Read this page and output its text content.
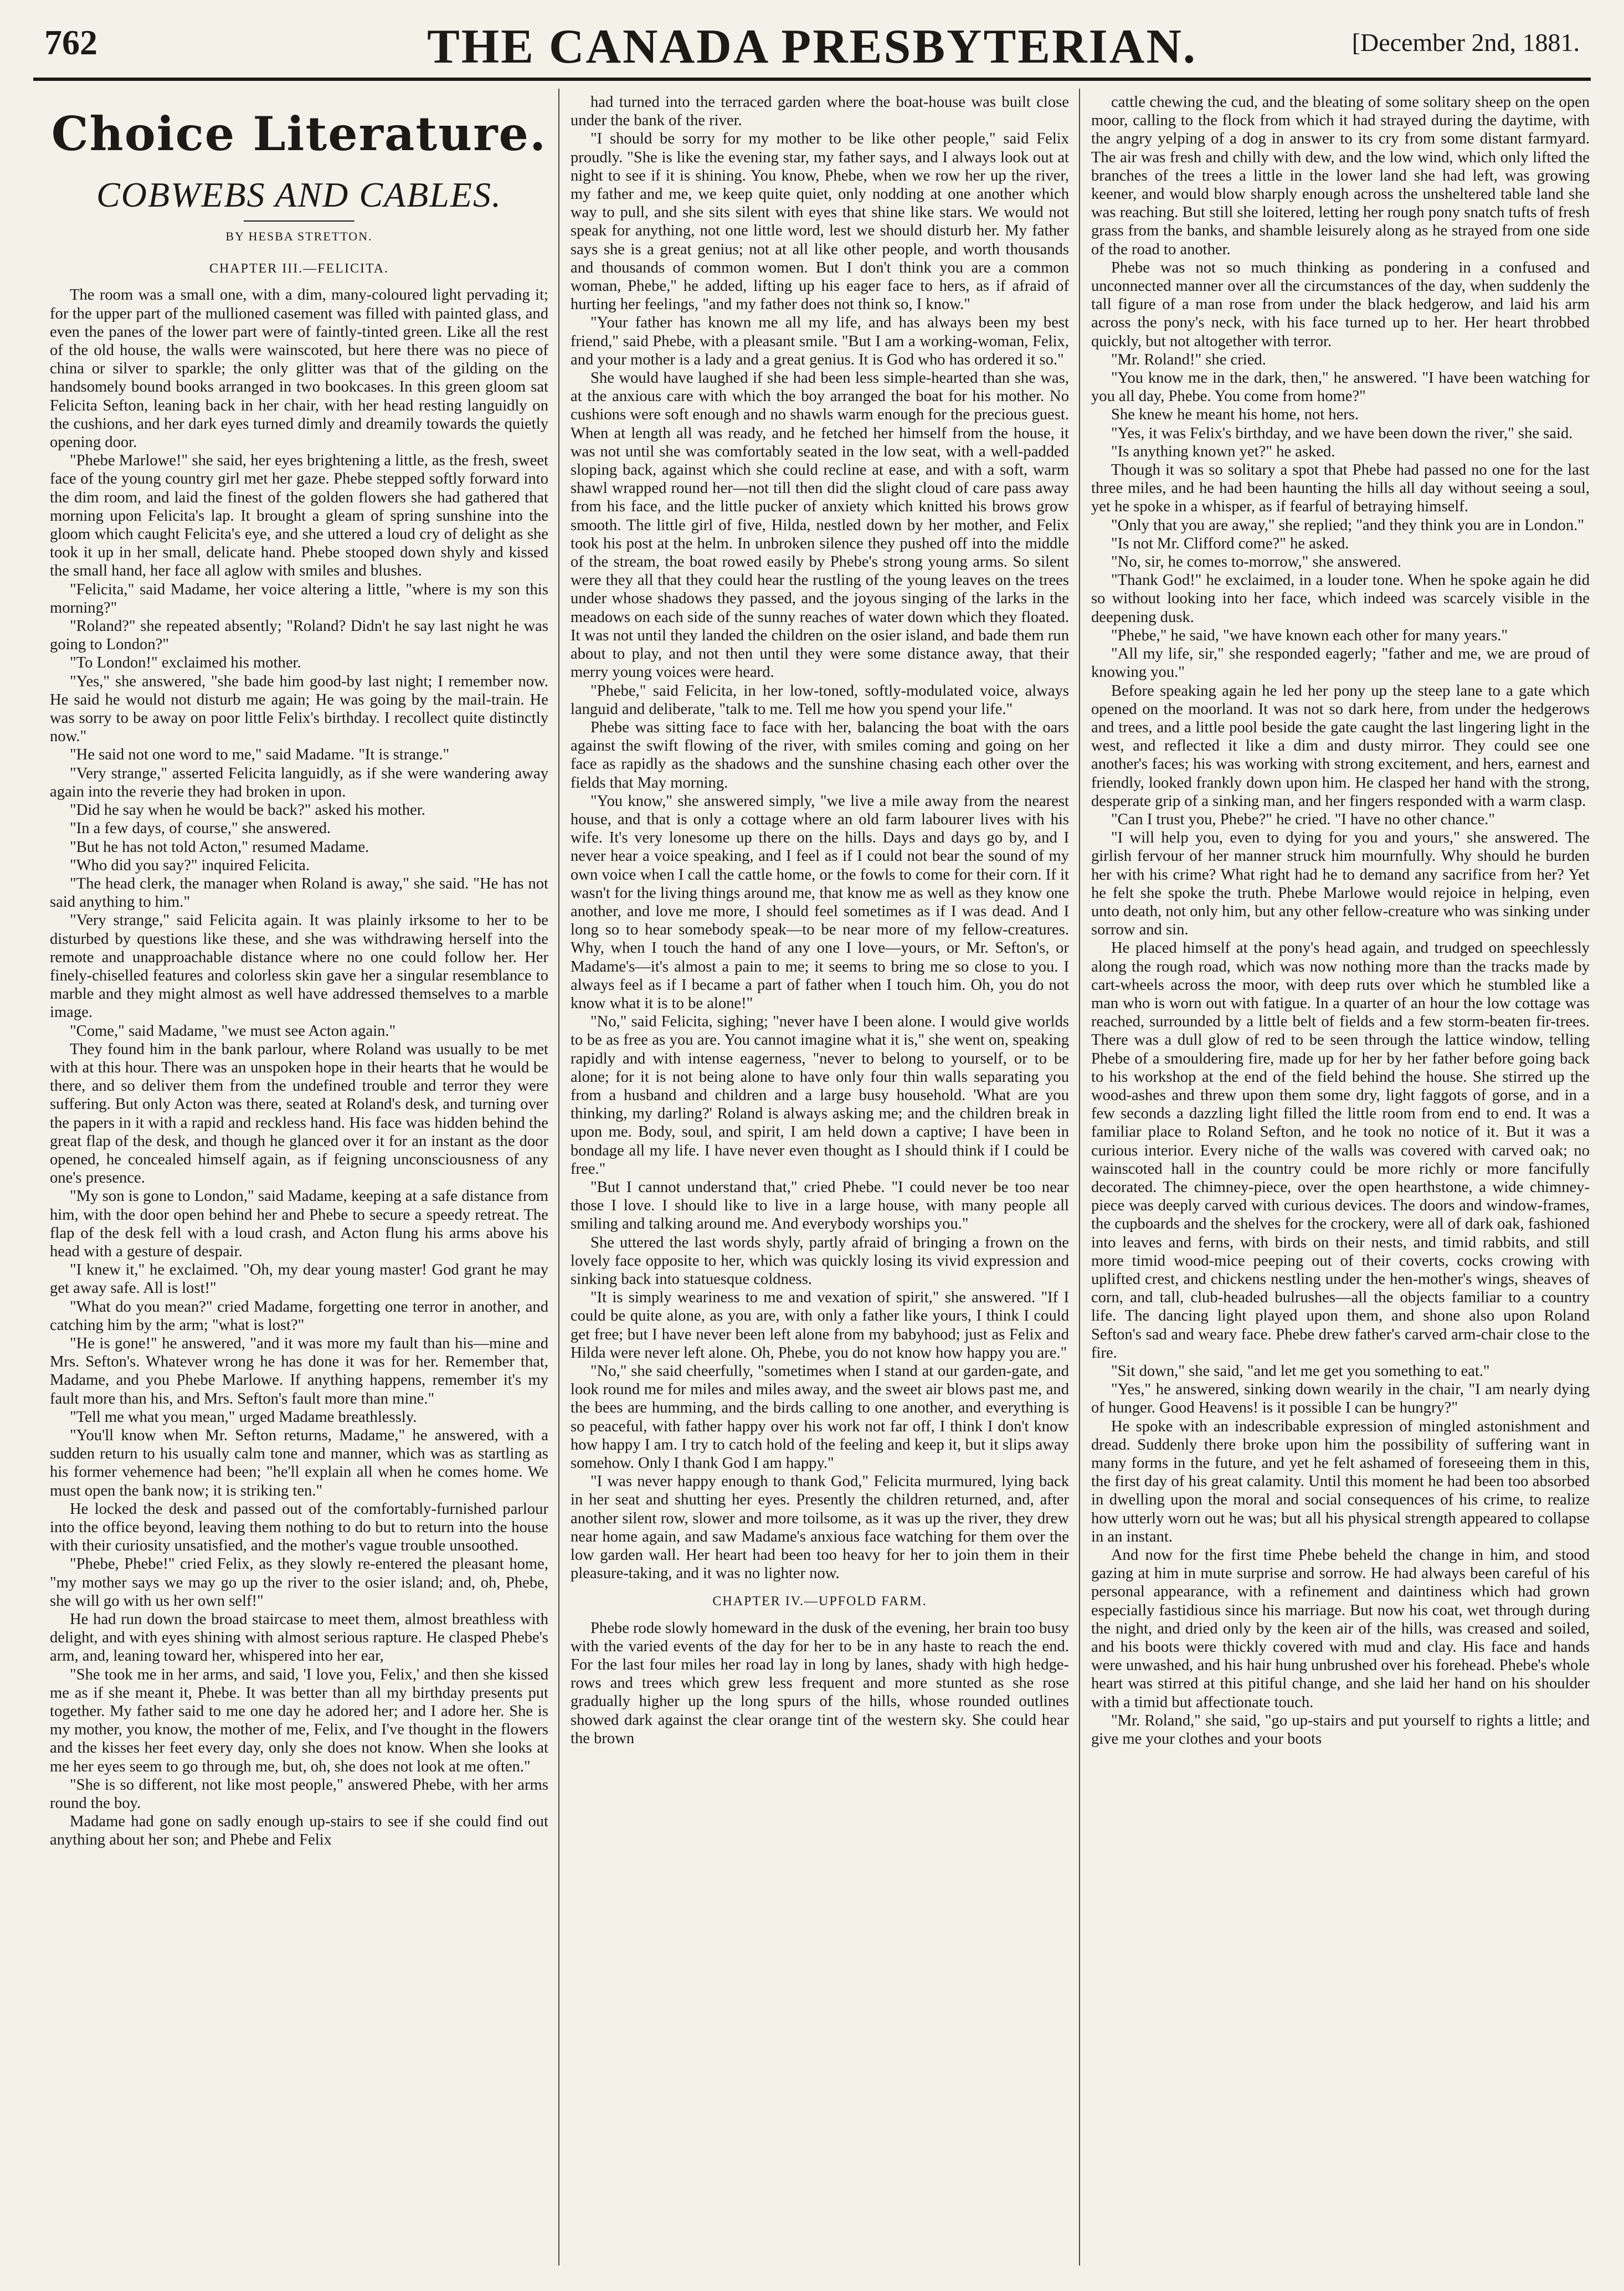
762	THE CANADA PRESBYTERIAN.	[December 2nd, 1881.
Choice Literature.
COBWEBS AND CABLES.
BY HESBA STRETTON.
CHAPTER III.—FELICITA.

The room was a small one, with a dim, many-coloured light pervading it; for the upper part of the mullioned casement was filled with painted glass, and even the panes of the lower part were of faintly-tinted green. Like all the rest of the old house, the walls were wainscoted, but here there was no piece of china or silver to sparkle; the only glitter was that of the gilding on the handsomely bound books arranged in two bookcases. In this green gloom sat Felicita Sefton, leaning back in her chair, with her head resting languidly on the cushions, and her dark eyes turned dimly and dreamily towards the quietly opening door.

"Phebe Marlowe!" she said, her eyes brightening a little, as the fresh, sweet face of the young country girl met her gaze. Phebe stepped softly forward into the dim room, and laid the finest of the golden flowers she had gathered that morning upon Felicita's lap. It brought a gleam of spring sunshine into the gloom which caught Felicita's eye, and she uttered a loud cry of delight as she took it up in her small, delicate hand. Phebe stooped down shyly and kissed the small hand, her face all aglow with smiles and blushes.

"Felicita," said Madame, her voice altering a little, "where is my son this morning?"

"Roland?" she repeated absently; "Roland? Didn't he say last night he was going to London?"

"To London!" exclaimed his mother.

"Yes," she answered, "she bade him good-by last night; I remember now. He said he would not disturb me again; He was going by the mail-train. He was sorry to be away on poor little Felix's birthday. I recollect quite distinctly now."

"He said not one word to me," said Madame. "It is strange."

"Very strange," asserted Felicita languidly, as if she were wandering away again into the reverie they had broken in upon.

"Did he say when he would be back?" asked his mother.

"In a few days, of course," she answered.

"But he has not told Acton," resumed Madame.

"Who did you say?" inquired Felicita.

"The head clerk, the manager when Roland is away," she said. "He has not said anything to him."

"Very strange," said Felicita again. It was plainly irksome to her to be disturbed by questions like these, and she was withdrawing herself into the remote and unapproachable distance where no one could follow her. Her finely-chiselled features and colorless skin gave her a singular resemblance to marble and they might almost as well have addressed themselves to a marble image.

"Come," said Madame, "we must see Acton again."

They found him in the bank parlour, where Roland was usually to be met with at this hour. There was an unspoken hope in their hearts that he would be there, and so deliver them from the undefined trouble and terror they were suffering. But only Acton was there, seated at Roland's desk, and turning over the papers in it with a rapid and reckless hand. His face was hidden behind the great flap of the desk, and though he glanced over it for an instant as the door opened, he concealed himself again, as if feigning unconsciousness of any one's presence.

"My son is gone to London," said Madame, keeping at a safe distance from him, with the door open behind her and Phebe to secure a speedy retreat. The flap of the desk fell with a loud crash, and Acton flung his arms above his head with a gesture of despair.

"I knew it," he exclaimed. "Oh, my dear young master! God grant he may get away safe. All is lost!"

"What do you mean?" cried Madame, forgetting one terror in another, and catching him by the arm; "what is lost?"

"He is gone!" he answered, "and it was more my fault than his—mine and Mrs. Sefton's. Whatever wrong he has done it was for her. Remember that, Madame, and you Phebe Marlowe. If anything happens, remember it's my fault more than his, and Mrs. Sefton's fault more than mine."

"Tell me what you mean," urged Madame breathlessly.

"You'll know when Mr. Sefton returns, Madame," he answered, with a sudden return to his usually calm tone and manner, which was as startling as his former vehemence had been; "he'll explain all when he comes home. We must open the bank now; it is striking ten."

He locked the desk and passed out of the comfortably-furnished parlour into the office beyond, leaving them nothing to do but to return into the house with their curiosity unsatisfied, and the mother's vague trouble unsoothed.

"Phebe, Phebe!" cried Felix, as they slowly re-entered the pleasant home, "my mother says we may go up the river to the osier island; and, oh, Phebe, she will go with us her own self!"

He had run down the broad staircase to meet them, almost breathless with delight, and with eyes shining with almost serious rapture. He clasped Phebe's arm, and, leaning toward her, whispered into her ear,

"She took me in her arms, and said, 'I love you, Felix,' and then she kissed me as if she meant it, Phebe. It was better than all my birthday presents put together. My father said to me one day he adored her; and I adore her. She is my mother, you know, the mother of me, Felix, and I've thought in the flowers and the kisses her feet every day, only she does not know. When she looks at me her eyes seem to go through me, but, oh, she does not look at me often."

"She is so different, not like most people," answered Phebe, with her arms round the boy.

Madame had gone on sadly enough up-stairs to see if she could find out anything about her son; and Phebe and Felix

had turned into the terraced garden where the boat-house was built close under the bank of the river.

"I should be sorry for my mother to be like other people," said Felix proudly. "She is like the evening star, my father says, and I always look out at night to see if it is shining. You know, Phebe, when we row her up the river, my father and me, we keep quite quiet, only nodding at one another which way to pull, and she sits silent with eyes that shine like stars. We would not speak for anything, not one little word, lest we should disturb her. My father says she is a great genius; not at all like other people, and worth thousands and thousands of common women. But I don't think you are a common woman, Phebe," he added, lifting up his eager face to hers, as if afraid of hurting her feelings, "and my father does not think so, I know."

"Your father has known me all my life, and has always been my best friend," said Phebe, with a pleasant smile. "But I am a working-woman, Felix, and your mother is a lady and a great genius. It is God who has ordered it so."

She would have laughed if she had been less simple-hearted than she was, at the anxious care with which the boy arranged the boat for his mother. No cushions were soft enough and no shawls warm enough for the precious guest. When at length all was ready, and he fetched her himself from the house, it was not until she was comfortably seated in the low seat, with a well-padded sloping back, against which she could recline at ease, and with a soft, warm shawl wrapped round her—not till then did the slight cloud of care pass away from his face, and the little pucker of anxiety which knitted his brows grow smooth. The little girl of five, Hilda, nestled down by her mother, and Felix took his post at the helm. In unbroken silence they pushed off into the middle of the stream, the boat rowed easily by Phebe's strong young arms. So silent were they all that they could hear the rustling of the young leaves on the trees under whose shadows they passed, and the joyous singing of the larks in the meadows on each side of the sunny reaches of water down which they floated. It was not until they landed the children on the osier island, and bade them run about to play, and not then until they were some distance away, that their merry young voices were heard.

"Phebe," said Felicita, in her low-toned, softly-modulated voice, always languid and deliberate, "talk to me. Tell me how you spend your life."

Phebe was sitting face to face with her, balancing the boat with the oars against the swift flowing of the river, with smiles coming and going on her face as rapidly as the shadows and the sunshine chasing each other over the fields that May morning.

"You know," she answered simply, "we live a mile away from the nearest house, and that is only a cottage where an old farm labourer lives with his wife. It's very lonesome up there on the hills. Days and days go by, and I never hear a voice speaking, and I feel as if I could not bear the sound of my own voice when I call the cattle home, or the fowls to come for their corn. If it wasn't for the living things around me, that know me as well as they know one another, and love me more, I should feel sometimes as if I was dead. And I long so to hear somebody speak—to be near more of my fellow-creatures. Why, when I touch the hand of any one I love—yours, or Mr. Sefton's, or Madame's—it's almost a pain to me; it seems to bring me so close to you. I always feel as if I became a part of father when I touch him. Oh, you do not know what it is to be alone!"

"No," said Felicita, sighing; "never have I been alone. I would give worlds to be as free as you are. You cannot imagine what it is," she went on, speaking rapidly and with intense eagerness, "never to belong to yourself, or to be alone; for it is not being alone to have only four thin walls separating you from a husband and children and a large busy household. 'What are you thinking, my darling?' Roland is always asking me; and the children break in upon me. Body, soul, and spirit, I am held down a captive; I have been in bondage all my life. I have never even thought as I should think if I could be free."

"But I cannot understand that," cried Phebe. "I could never be too near those I love. I should like to live in a large house, with many people all smiling and talking around me. And everybody worships you."

She uttered the last words shyly, partly afraid of bringing a frown on the lovely face opposite to her, which was quickly losing its vivid expression and sinking back into statuesque coldness.

"It is simply weariness to me and vexation of spirit," she answered. "If I could be quite alone, as you are, with only a father like yours, I think I could get free; but I have never been left alone from my babyhood; just as Felix and Hilda were never left alone. Oh, Phebe, you do not know how happy you are."

"No," she said cheerfully, "sometimes when I stand at our garden-gate, and look round me for miles and miles away, and the sweet air blows past me, and the bees are humming, and the birds calling to one another, and everything is so peaceful, with father happy over his work not far off, I think I don't know how happy I am. I try to catch hold of the feeling and keep it, but it slips away somehow. Only I thank God I am happy."

"I was never happy enough to thank God," Felicita murmured, lying back in her seat and shutting her eyes. Presently the children returned, and, after another silent row, slower and more toilsome, as it was up the river, they drew near home again, and saw Madame's anxious face watching for them over the low garden wall. Her heart had been too heavy for her to join them in their pleasure-taking, and it was no lighter now.

CHAPTER IV.—UPFOLD FARM.

Phebe rode slowly homeward in the dusk of the evening, her brain too busy with the varied events of the day for her to be in any haste to reach the end. For the last four miles her road lay in long by lanes, shady with high hedge-rows and trees which grew less frequent and more stunted as she rose gradually higher up the long spurs of the hills, whose rounded outlines showed dark against the clear orange tint of the western sky. She could hear the brown

cattle chewing the cud, and the bleating of some solitary sheep on the open moor, calling to the flock from which it had strayed during the daytime, with the angry yelping of a dog in answer to its cry from some distant farmyard. The air was fresh and chilly with dew, and the low wind, which only lifted the branches of the trees a little in the lower land she had left, was growing keener, and would blow sharply enough across the unsheltered table land she was reaching. But still she loitered, letting her rough pony snatch tufts of fresh grass from the banks, and shamble leisurely along as he strayed from one side of the road to another.

Phebe was not so much thinking as pondering in a confused and unconnected manner over all the circumstances of the day, when suddenly the tall figure of a man rose from under the black hedgerow, and laid his arm across the pony's neck, with his face turned up to her. Her heart throbbed quickly, but not altogether with terror.

"Mr. Roland!" she cried.

"You know me in the dark, then," he answered. "I have been watching for you all day, Phebe. You come from home?"

She knew he meant his home, not hers.

"Yes, it was Felix's birthday, and we have been down the river," she said.

"Is anything known yet?" he asked.

Though it was so solitary a spot that Phebe had passed no one for the last three miles, and he had been haunting the hills all day without seeing a soul, yet he spoke in a whisper, as if fearful of betraying himself.

"Only that you are away," she replied; "and they think you are in London."

"Is not Mr. Clifford come?" he asked.

"No, sir, he comes to-morrow," she answered.

"Thank God!" he exclaimed, in a louder tone. When he spoke again he did so without looking into her face, which indeed was scarcely visible in the deepening dusk.

"Phebe," he said, "we have known each other for many years."

"All my life, sir," she responded eagerly; "father and me, we are proud of knowing you."

Before speaking again he led her pony up the steep lane to a gate which opened on the moorland. It was not so dark here, from under the hedgerows and trees, and a little pool beside the gate caught the last lingering light in the west, and reflected it like a dim and dusty mirror. They could see one another's faces; his was working with strong excitement, and hers, earnest and friendly, looked frankly down upon him. He clasped her hand with the strong, desperate grip of a sinking man, and her fingers responded with a warm clasp.

"Can I trust you, Phebe?" he cried. "I have no other chance."

"I will help you, even to dying for you and yours," she answered. The girlish fervour of her manner struck him mournfully. Why should he burden her with his crime? What right had he to demand any sacrifice from her? Yet he felt she spoke the truth. Phebe Marlowe would rejoice in helping, even unto death, not only him, but any other fellow-creature who was sinking under sorrow and sin.

He placed himself at the pony's head again, and trudged on speechlessly along the rough road, which was now nothing more than the tracks made by cart-wheels across the moor, with deep ruts over which he stumbled like a man who is worn out with fatigue. In a quarter of an hour the low cottage was reached, surrounded by a little belt of fields and a few storm-beaten fir-trees. There was a dull glow of red to be seen through the lattice window, telling Phebe of a smouldering fire, made up for her by her father before going back to his workshop at the end of the field behind the house. She stirred up the wood-ashes and threw upon them some dry, light faggots of gorse, and in a few seconds a dazzling light filled the little room from end to end. It was a familiar place to Roland Sefton, and he took no notice of it. But it was a curious interior. Every niche of the walls was covered with carved oak; no wainscoted hall in the country could be more richly or more fancifully decorated. The chimney-piece, over the open hearthstone, a wide chimney-piece was deeply carved with curious devices. The doors and window-frames, the cupboards and the shelves for the crockery, were all of dark oak, fashioned into leaves and ferns, with birds on their nests, and timid rabbits, and still more timid wood-mice peeping out of their coverts, cocks crowing with uplifted crest, and chickens nestling under the hen-mother's wings, sheaves of corn, and tall, club-headed bulrushes—all the objects familiar to a country life. The dancing light played upon them, and shone also upon Roland Sefton's sad and weary face. Phebe drew father's carved arm-chair close to the fire.

"Sit down," she said, "and let me get you something to eat."

"Yes," he answered, sinking down wearily in the chair, "I am nearly dying of hunger. Good Heavens! is it possible I can be hungry?"

He spoke with an indescribable expression of mingled astonishment and dread. Suddenly there broke upon him the possibility of suffering want in many forms in the future, and yet he felt ashamed of foreseeing them in this, the first day of his great calamity. Until this moment he had been too absorbed in dwelling upon the moral and social consequences of his crime, to realize how utterly worn out he was; but all his physical strength appeared to collapse in an instant.

And now for the first time Phebe beheld the change in him, and stood gazing at him in mute surprise and sorrow. He had always been careful of his personal appearance, with a refinement and daintiness which had grown especially fastidious since his marriage. But now his coat, wet through during the night, and dried only by the keen air of the hills, was creased and soiled, and his boots were thickly covered with mud and clay. His face and hands were unwashed, and his hair hung unbrushed over his forehead. Phebe's whole heart was stirred at this pitiful change, and she laid her hand on his shoulder with a timid but affectionate touch.

"Mr. Roland," she said, "go up-stairs and put yourself to rights a little; and give me your clothes and your boots
